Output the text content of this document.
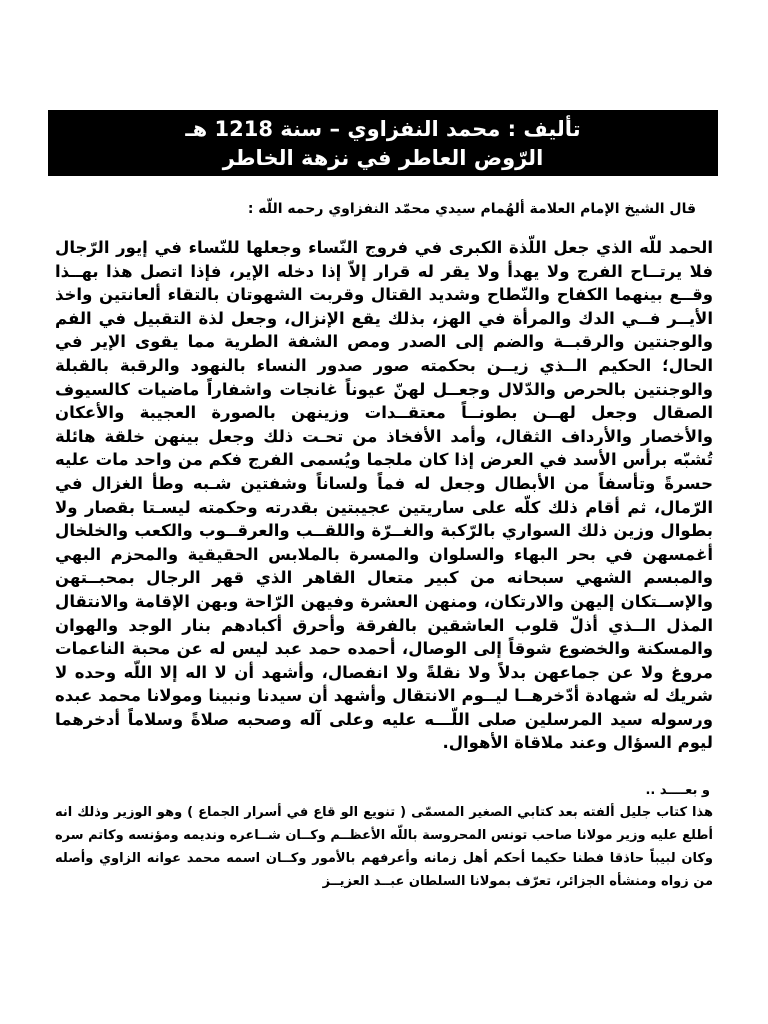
تأليف : محمد النفزاوي – سنة 1218 هـ
الرّوض العاطر في نزهة الخاطر
قال الشيخ الإمام العلامة ألهُمام سيدي محمّد النفزاوي رحمه اللّه :

الحمد للّه الذي جعل اللّذة الكبرى في فروج النّساء وجعلها للنّساء في إيور الرّجال فلا يرتــاح الفرج ولا يهدأ ولا يقر له قرار إلاّ إذا دخله الإير، فإذا اتصل هذا بهــذا وقــع بينهما الكفاح والنّطاح وشديد القتال وقربت الشهوتان بالتقاء ألعانتين واخذ الأيــر فــي الدك والمرأة في الهز، بذلك يقع الإنزال، وجعل لذة التقبيل في الفم والوجنتين والرقبــة والضم إلى الصدر ومص الشفة الطرية مما يقوى الإير في الحال؛ الحكيم الــذي زيــن بحكمته صور صدور النساء بالنهود والرقبة بالقبلة والوجنتين بالحرص والدّلال وجعــل لهنّ عيوناً غانجات واشفاراً ماضيات كالسيوف الصقال وجعل لهــن بطونــاً معتقــدات وزينهن بالصورة العجيبة والأعكان والأخصار والأرداف الثقال، وأمد الأفخاذ من تحـت ذلك وجعل بينهن خلقة هائلة تُشبّه برأس الأسد في العرض إذا كان ملجما ويُسمى الفرج فكم من واحد مات عليه حسرةً وتأسفاً من الأبطال وجعل له فماً ولساناً وشفتين شـبه وطأ الغزال في الرّمال، ثم أقام ذلك كلّه على ساريتين عجيبتين بقدرته وحكمته ليسـتا بقصار ولا بطوال وزين ذلك السواري بالرّكبة والغــرّة واللقــب والعرقــوب والكعب والخلخال أغمسهن في بحر البهاء والسلوان والمسرة بالملابس الحقيقية والمحزم البهي والمبسم الشهي سبحانه من كبير متعال القاهر الذي قهر الرجال بمحبــتهن والإســتكان إليهن والارتكان، ومنهن العشرة وفيهن الرّاحة وبهن الإقامة والانتقال المذل الــذي أذلّ قلوب العاشقين بالفرقة وأحرق أكبادهم بنار الوجد والهوان والمسكنة والخضوع شوقاً إلى الوصال، أحمده حمد عبد ليس له عن محبة الناعمات مروغ ولا عن جماعهن بدلاً ولا نقلةً ولا انفصال، وأشهد أن لا اله إلا اللّه وحده لا شريك له شهادة أدّخرهــا ليــوم الانتقال وأشهد أن سيدنا ونبينا ومولانا محمد عبده ورسوله سيد المرسلين صلى اللّـــه عليه وعلى آله وصحبه صلاةً وسلاماً أدخرهما ليوم السؤال وعند ملاقاة الأهوال.

و بعــــد ..

هذا كتاب جليل ألفته بعد كتابي الصغير المسمّى ( تنويع الو قاع في أسرار الجماع ) وهو الوزير وذلك انه أطلع عليه وزير مولانا صاحب تونس المحروسة باللّه الأعظــم وكــان شــاعره ونديمه ومؤنسه وكاتم سره وكان لبيباً حاذقا فطنا حكيما أحكم أهل زمانه وأعرفهم بالأمور وكــان اسمه محمد عوانه الزاوي وأصله من زواه ومنشأه الجزائر، تعرّف بمولانا السلطان عبــد العزيــز
